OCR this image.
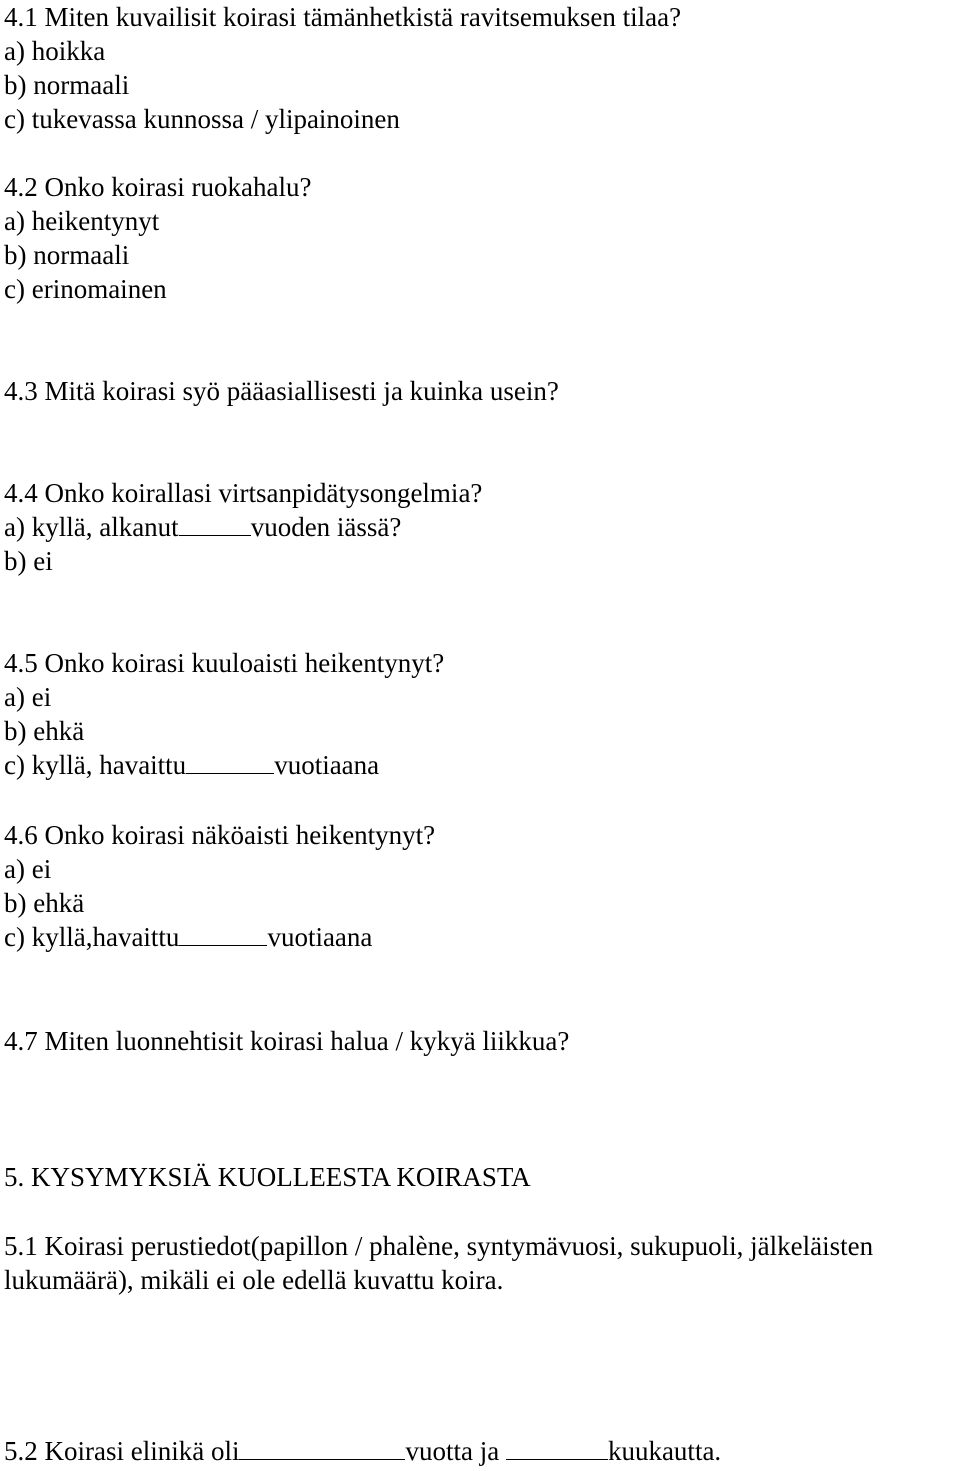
4.1 Miten kuvailisit koirasi tämänhetkistä ravitsemuksen tilaa?
a) hoikka
b) normaali
c) tukevassa kunnossa / ylipainoinen
4.2 Onko koirasi ruokahalu?
a) heikentynyt
b) normaali
c) erinomainen
4.3 Mitä koirasi syö pääasiallisesti ja kuinka usein?
4.4 Onko koirallasi virtsanpidätysongelmia?
a) kyllä, alkanut	vuoden iässä?
b) ei
4.5 Onko koirasi kuuloaisti heikentynyt?
a) ei
b) ehkä
c) kyllä, havaittu	vuotiaana
4.6 Onko koirasi näköaisti heikentynyt?
a) ei
b) ehkä
c) kyllä,havaittu	vuotiaana
4.7 Miten luonnehtisit koirasi halua / kykyä liikkua?
5. KYSYMYKSIÄ KUOLLEESTA KOIRASTA
5.1 Koirasi perustiedot(papillon / phalène, syntymävuosi, sukupuoli, jälkeläisten
lukumäärä), mikäli ei ole edellä kuvattu koira.
5.2 Koirasi elinikä oli	vuotta ja	kuukautta.
